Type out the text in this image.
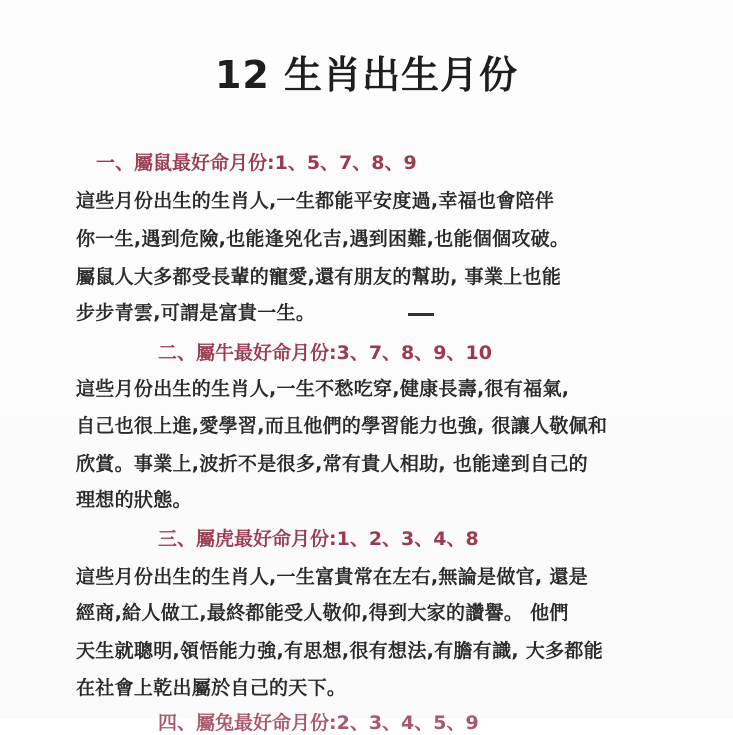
12 生肖出生月份
一、屬鼠最好命月份:1、5、7、8、9
這些月份出生的生肖人,一生都能平安度過,幸福也會陪伴
你一生,遇到危險,也能逢兇化吉,遇到困難,也能個個攻破。
屬鼠人大多都受長輩的寵愛,還有朋友的幫助, 事業上也能
步步青雲,可謂是富貴一生。
二、屬牛最好命月份:3、7、8、9、10
這些月份出生的生肖人,一生不愁吃穿,健康長壽,很有福氣,
自己也很上進,愛學習,而且他們的學習能力也強, 很讓人敬佩和
欣賞。事業上,波折不是很多,常有貴人相助, 也能達到自己的
理想的狀態。
三、屬虎最好命月份:1、2、3、4、8
這些月份出生的生肖人,一生富貴常在左右,無論是做官, 還是
經商,給人做工,最終都能受人敬仰,得到大家的讚譽。 他們
天生就聰明,領悟能力強,有思想,很有想法,有膽有識, 大多都能
在社會上乾出屬於自己的天下。
四、屬兔最好命月份:2、3、4、5、9
